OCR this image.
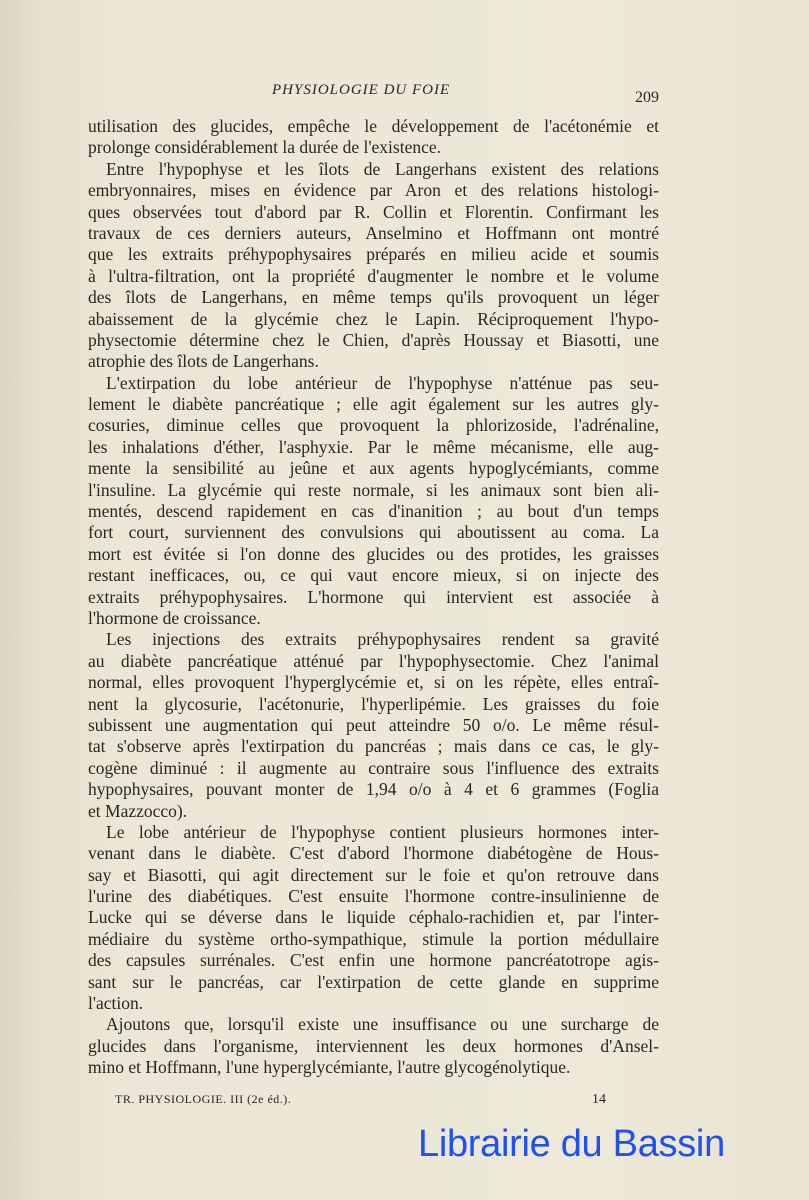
PHYSIOLOGIE DU FOIE	209
utilisation des glucides, empêche le développement de l'acétonémie et
prolonge considérablement la durée de l'existence.
Entre l'hypophyse et les îlots de Langerhans existent des relations
embryonnaires, mises en évidence par Aron et des relations histologi-
ques observées tout d'abord par R. Collin et Florentin. Confirmant les
travaux de ces derniers auteurs, Anselmino et Hoffmann ont montré
que les extraits préhypophysaires préparés en milieu acide et soumis
à l'ultra-filtration, ont la propriété d'augmenter le nombre et le volume
des îlots de Langerhans, en même temps qu'ils provoquent un léger
abaissement de la glycémie chez le Lapin. Réciproquement l'hypo-
physectomie détermine chez le Chien, d'après Houssay et Biasotti, une
atrophie des îlots de Langerhans.
L'extirpation du lobe antérieur de l'hypophyse n'atténue pas seu-
lement le diabète pancréatique ; elle agit également sur les autres gly-
cosuries, diminue celles que provoquent la phlorizoside, l'adrénaline,
les inhalations d'éther, l'asphyxie. Par le même mécanisme, elle aug-
mente la sensibilité au jeûne et aux agents hypoglycémiants, comme
l'insuline. La glycémie qui reste normale, si les animaux sont bien ali-
mentés, descend rapidement en cas d'inanition ; au bout d'un temps
fort court, surviennent des convulsions qui aboutissent au coma. La
mort est évitée si l'on donne des glucides ou des protides, les graisses
restant inefficaces, ou, ce qui vaut encore mieux, si on injecte des
extraits préhypophysaires. L'hormone qui intervient est associée à
l'hormone de croissance.
Les injections des extraits préhypophysaires rendent sa gravité
au diabète pancréatique atténué par l'hypophysectomie. Chez l'animal
normal, elles provoquent l'hyperglycémie et, si on les répète, elles entraî-
nent la glycosurie, l'acétonurie, l'hyperlipémie. Les graisses du foie
subissent une augmentation qui peut atteindre 50 o/o. Le même résul-
tat s'observe après l'extirpation du pancréas ; mais dans ce cas, le gly-
cogène diminué : il augmente au contraire sous l'influence des extraits
hypophysaires, pouvant monter de 1,94 o/o à 4 et 6 grammes (Foglia
et Mazzocco).
Le lobe antérieur de l'hypophyse contient plusieurs hormones inter-
venant dans le diabète. C'est d'abord l'hormone diabétogène de Hous-
say et Biasotti, qui agit directement sur le foie et qu'on retrouve dans
l'urine des diabétiques. C'est ensuite l'hormone contre-insulinienne de
Lucke qui se déverse dans le liquide céphalo-rachidien et, par l'inter-
médiaire du système ortho-sympathique, stimule la portion médullaire
des capsules surrénales. C'est enfin une hormone pancréatotrope agis-
sant sur le pancréas, car l'extirpation de cette glande en supprime
l'action.
Ajoutons que, lorsqu'il existe une insuffisance ou une surcharge de
glucides dans l'organisme, interviennent les deux hormones d'Ansel-
mino et Hoffmann, l'une hyperglycémiante, l'autre glycogénolytique.
TR. PHYSIOLOGIE. III (2e éd.).	14
Librairie du Bassin
